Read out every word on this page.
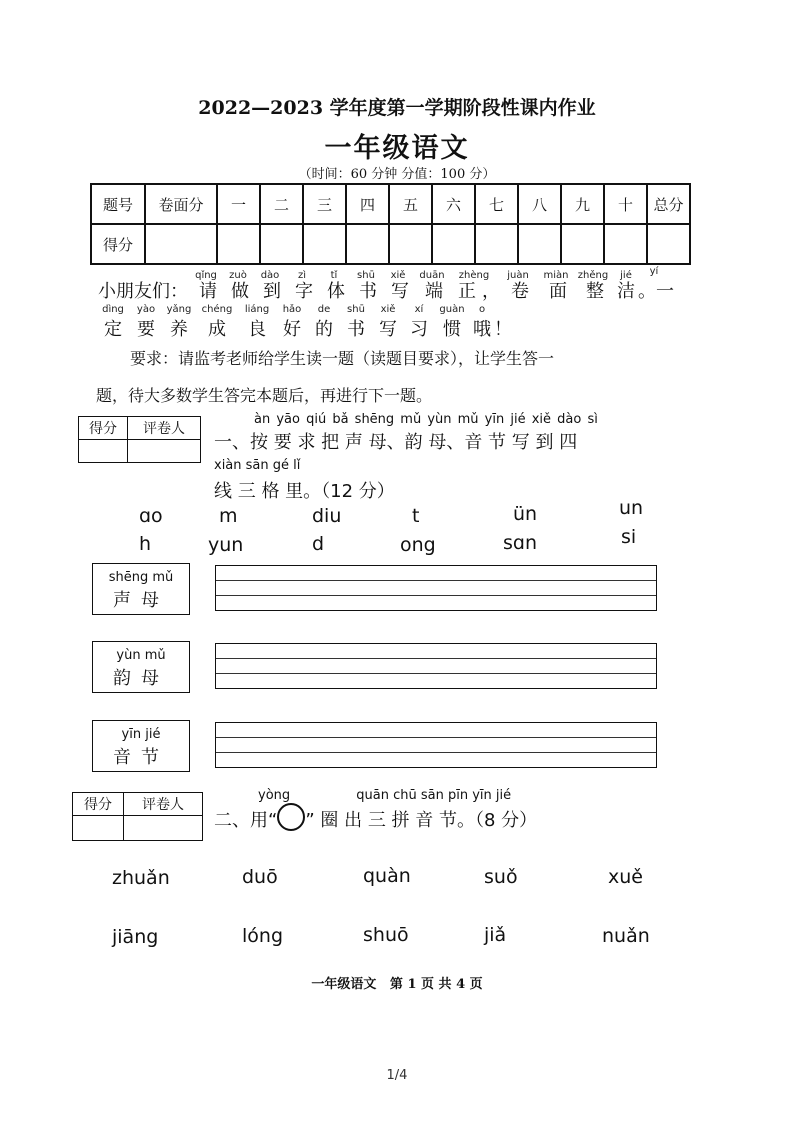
2022—2023 学年度第一学期阶段性课内作业
一年级语文
（时间：60 分钟 分值：100 分）
题号	卷面分	一	二	三	四	五	六	七	八	九	十	总分
得分												
qǐng zuò dào zì tǐ shū xiě duān zhèng juàn miàn zhěng jié yí
小朋友们： 请 做 到 字 体 书 写 端 正 ， 卷 面 整 洁 。一
dìng yào yǎng chéng liáng hǎo de shū xiě xí guàn o
定 要 养 成 良 好 的 书 写 习 惯 哦 ！
要求：请监考老师给学生读一题（读题目要求），让学生答一
题，待大多数学生答完本题后，再进行下一题。
得分	评卷人

àn yāo qiú bǎ shēng mǔ yùn mǔ yīn jié xiě dào sì
一、按 要 求 把 声 母、韵 母、音 节 写 到 四
xiàn sān gé lǐ
线 三 格 里。（12 分）
ɑo	m	diu	t	ün	un
h	yun	d	ong	sɑn	si
shēng mǔ
声母
yùn mǔ
韵母
yīn jié
音节
得分	评卷人

yòng                quān chū sān pīn yīn jié
二、用“ ” 圈 出 三 拼 音 节。（8 分）
zhuǎn	duō	quàn	suǒ	xuě
jiāng	lóng	shuō	jiǎ	nuǎn
一年级语文   第 1 页 共 4 页
1/4
